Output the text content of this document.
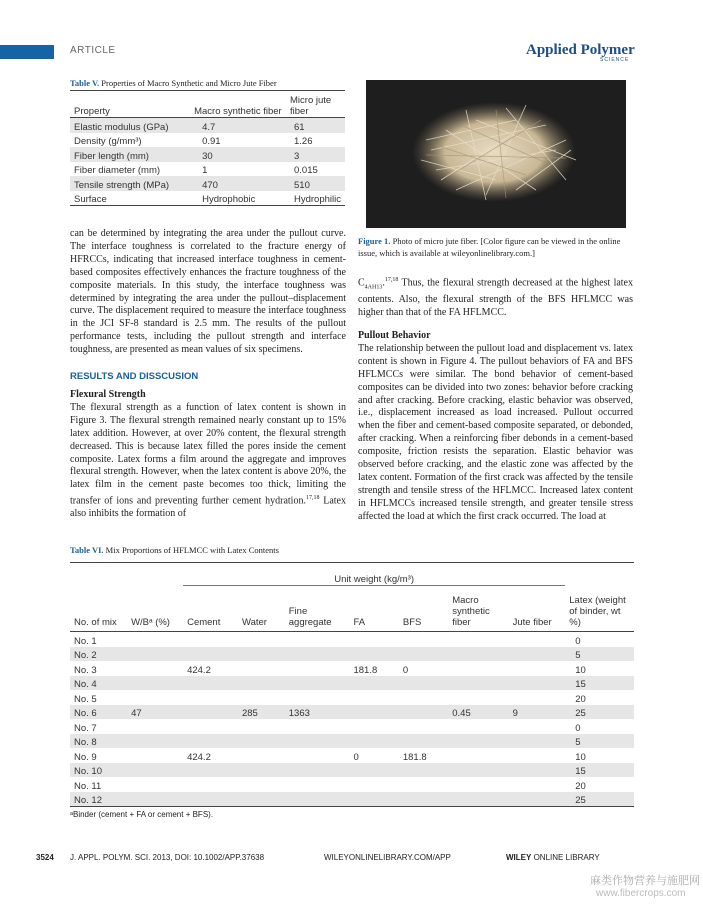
ARTICLE	Applied Polymer
SCIENCE
Table V. Properties of Macro Synthetic and Micro Jute Fiber
Property	Macro synthetic fiber	Micro jute fiber
Elastic modulus (GPa)	4.7	61
Density (g/mm³)	0.91	1.26
Fiber length (mm)	30	3
Fiber diameter (mm)	1	0.015
Tensile strength (MPa)	470	510
Surface	Hydrophobic	Hydrophilic
Figure 1. Photo of micro jute fiber. [Color figure can be viewed in the online issue, which is available at wileyonlinelibrary.com.]
can be determined by integrating the area under the pullout curve. The interface toughness is correlated to the fracture energy of HFRCCs, indicating that increased interface toughness in cement-based composites effectively enhances the fracture toughness of the composite materials. In this study, the interface toughness was determined by integrating the area under the pullout–displacement curve. The displacement required to measure the interface toughness in the JCI SF-8 standard is 2.5 mm. The results of the pullout performance tests, including the pullout strength and interface toughness, are presented as mean values of six specimens.
RESULTS AND DISSCUSION
Flexural Strength
The flexural strength as a function of latex content is shown in Figure 3. The flexural strength remained nearly constant up to 15% latex addition. However, at over 20% content, the flexural strength decreased. This is because latex filled the pores inside the cement composite. Latex forms a film around the aggregate and improves flexural strength. However, when the latex content is above 20%, the latex film in the cement paste becomes too thick, limiting the transfer of ions and preventing further cement hydration.$^{17,18}$ Latex also inhibits the formation of
$C_{4AH13}.^{17,18}$ Thus, the flexural strength decreased at the highest latex contents. Also, the flexural strength of the BFS HFLMCC was higher than that of the FA HFLMCC.
Pullout Behavior
The relationship between the pullout load and displacement vs. latex content is shown in Figure 4. The pullout behaviors of FA and BFS HFLMCCs were similar. The bond behavior of cement-based composites can be divided into two zones: behavior before cracking and after cracking. Before cracking, elastic behavior was observed, i.e., displacement increased as load increased. Pullout occurred when the fiber and cement-based composite separated, or debonded, after cracking. When a reinforcing fiber debonds in a cement-based composite, friction resists the separation. Elastic behavior was observed before cracking, and the elastic zone was affected by the latex content. Formation of the first crack was affected by the tensile strength and tensile stress of the HFLMCC. Increased latex content in HFLMCCs increased tensile strength, and greater tensile stress affected the load at which the first crack occurred. The load at
Table VI. Mix Proportions of HFLMCC with Latex Contents
		Unit weight (kg/m³)							
No. of mix	W/Bᵃ (%)	Cement	Water	Fine aggregate	FA	BFS	Macro synthetic fiber	Jute fiber	Latex (weight of binder, wt %)
No. 1									0
No. 2									5
No. 3		424.2			181.8	0			10
No. 4									15
No. 5									20
No. 6	47		285	1363			0.45	9	25
No. 7									0
No. 8									5
No. 9		424.2			0	181.8			10
No. 10									15
No. 11									20
No. 12									25
ᵃBinder (cement + FA or cement + BFS).
3524 J. APPL. POLYM. SCI. 2013, DOI: 10.1002/APP.37638	WILEYONLINELIBRARY.COM/APP	WILEY ONLINE LIBRARY
麻类作物营养与施肥网
www.fibercrops.com
